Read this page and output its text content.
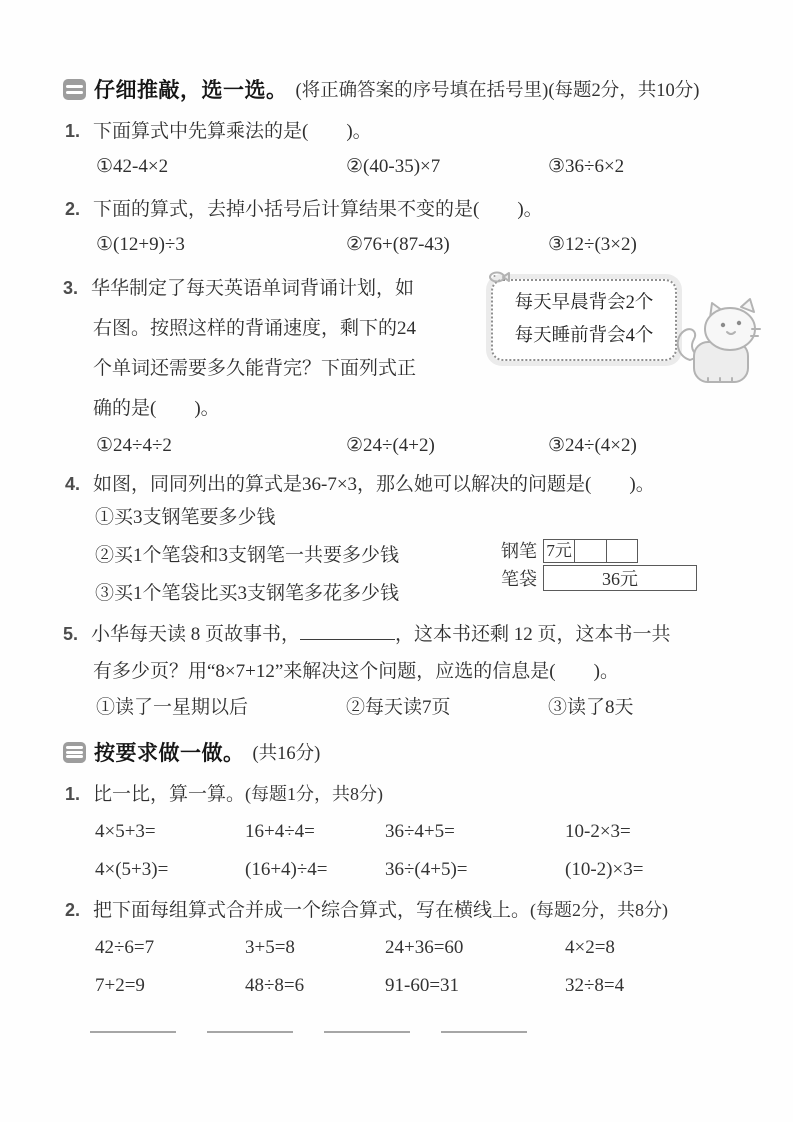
仔细推敲，选一选。 (将正确答案的序号填在括号里)(每题2分，共10分)
1. 下面算式中先算乘法的是(　　)。
①42-4×2	②(40-35)×7	③36÷6×2
2. 下面的算式，去掉小括号后计算结果不变的是(　　)。
①(12+9)÷3	②76+(87-43)	③12÷(3×2)
3. 华华制定了每天英语单词背诵计划，如
右图。按照这样的背诵速度，剩下的24
个单词还需要多久能背完？下面列式正
确的是(　　)。
每天早晨背会2个
每天睡前背会4个
①24÷4÷2	②24÷(4+2)	③24÷(4×2)
4. 如图，同同列出的算式是36-7×3，那么她可以解决的问题是(　　)。
①买3支钢笔要多少钱
②买1个笔袋和3支钢笔一共要多少钱
③买1个笔袋比买3支钢笔多花多少钱
钢笔 7元
笔袋	36元
5. 小华每天读 8 页故事书，	，这本书还剩 12 页，这本书一共
有多少页？用“8×7+12”来解决这个问题，应选的信息是(　　)。
①读了一星期以后	②每天读7页	③读了8天
按要求做一做。 (共16分)
1. 比一比，算一算。(每题1分，共8分)
4×5+3=	16+4÷4=	36÷4+5=	10-2×3=
4×(5+3)=	(16+4)÷4=	36÷(4+5)=	(10-2)×3=
2. 把下面每组算式合并成一个综合算式，写在横线上。(每题2分，共8分)
42÷6=7	3+5=8	24+36=60	4×2=8
7+2=9	48÷8=6	91-60=31	32÷8=4
